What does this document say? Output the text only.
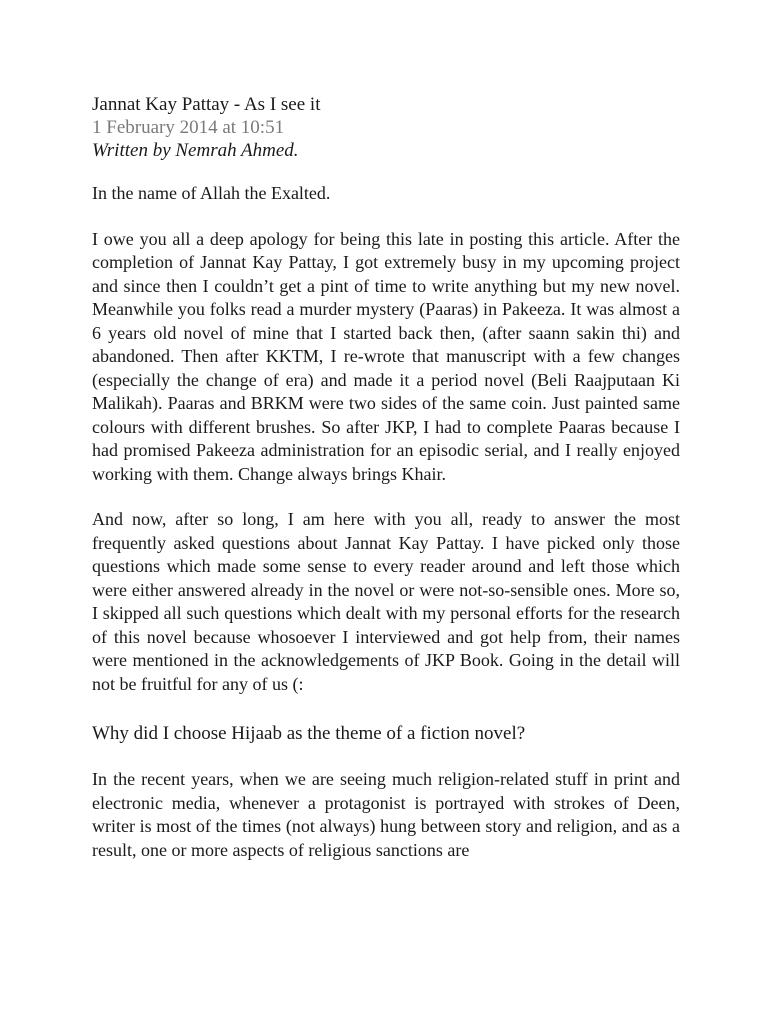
Jannat Kay Pattay - As I see it

1 February 2014 at 10:51

Written by Nemrah Ahmed.

In the name of Allah the Exalted.

I owe you all a deep apology for being this late in posting this article. After the completion of Jannat Kay Pattay, I got extremely busy in my upcoming project and since then I couldn’t get a pint of time to write anything but my new novel. Meanwhile you folks read a murder mystery (Paaras) in Pakeeza. It was almost a 6 years old novel of mine that I started back then, (after saann sakin thi) and abandoned. Then after KKTM, I re-wrote that manuscript with a few changes (especially the change of era) and made it a period novel (Beli Raajputaan Ki Malikah). Paaras and BRKM were two sides of the same coin. Just painted same colours with different brushes. So after JKP, I had to complete Paaras because I had promised Pakeeza administration for an episodic serial, and I really enjoyed working with them. Change always brings Khair.

And now, after so long, I am here with you all, ready to answer the most frequently asked questions about Jannat Kay Pattay. I have picked only those questions which made some sense to every reader around and left those which were either answered already in the novel or were not-so-sensible ones. More so, I skipped all such questions which dealt with my personal efforts for the research of this novel because whosoever I interviewed and got help from, their names were mentioned in the acknowledgements of JKP Book. Going in the detail will not be fruitful for any of us (:

Why did I choose Hijaab as the theme of a fiction novel?

In the recent years, when we are seeing much religion-related stuff in print and electronic media, whenever a protagonist is portrayed with strokes of Deen, writer is most of the times (not always) hung between story and religion, and as a result, one or more aspects of religious sanctions are
